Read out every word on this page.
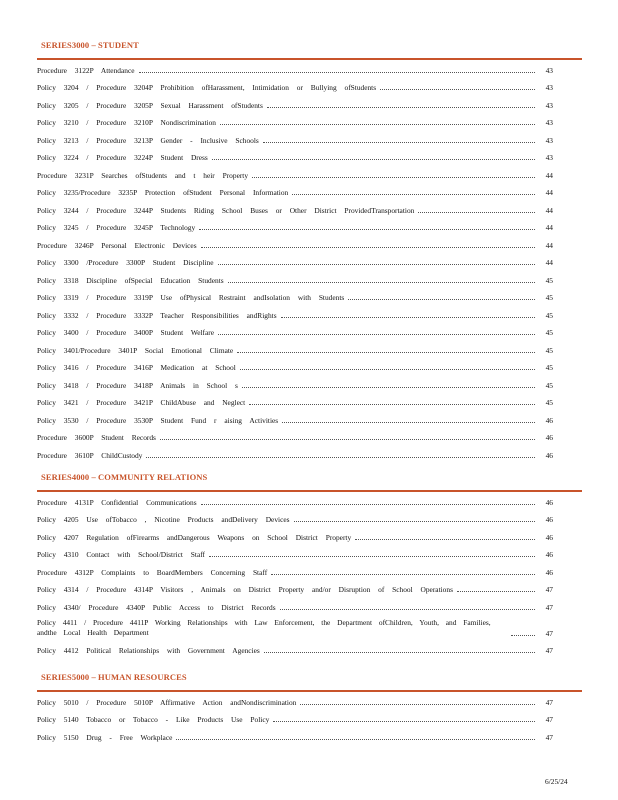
SERIES3000 – STUDENT
Procedure 3122P Attendance	43
Policy 3204 / Procedure 3204P Prohibition ofHarassment, Intimidation or Bullying ofStudents	43
Policy 3205 / Procedure 3205P Sexual Harassment ofStudents	43
Policy 3210 / Procedure 3210P Nondiscrimination	43
Policy 3213 / Procedure 3213P Gender - Inclusive Schools	43
Policy 3224 / Procedure 3224P Student Dress	43
Procedure 3231P Searches ofStudents and t heir Property	44
Policy 3235/Procedure 3235P Protection ofStudent Personal Information	44
Policy 3244 / Procedure 3244P Students Riding School Buses or Other District ProvidedTransportation	44
Policy 3245 / Procedure 3245P Technology	44
Procedure 3246P Personal Electronic Devices	44
Policy 3300 /Procedure 3300P Student Discipline	44
Policy 3318 Discipline ofSpecial Education Students	45
Policy 3319 / Procedure 3319P Use ofPhysical Restraint andIsolation with Students	45
Policy 3332 / Procedure 3332P Teacher Responsibilities andRights	45
Policy 3400 / Procedure 3400P Student Welfare	45
Policy 3401/Procedure 3401P Social Emotional Climate	45
Policy 3416 / Procedure 3416P Medication at School	45
Policy 3418 / Procedure 3418P Animals in School s	45
Policy 3421 / Procedure 3421P ChildAbuse and Neglect	45
Policy 3530 / Procedure 3530P Student Fund r aising Activities	46
Procedure 3600P Student Records	46
Procedure 3610P ChildCustody	46
SERIES4000 – COMMUNITY RELATIONS
Procedure 4131P Confidential Communications	46
Policy 4205 Use ofTobacco , Nicotine Products andDelivery Devices	46
Policy 4207 Regulation ofFirearms andDangerous Weapons on School District Property	46
Policy 4310 Contact with School/District Staff	46
Procedure 4312P Complaints to BoardMembers Concerning Staff	46
Policy 4314 / Procedure 4314P Visitors , Animals on District Property and/or Disruption of School Operations	47
Policy 4340/ Procedure 4340P Public Access to District Records	47
Policy 4411 / Procedure 4411P Working Relationships with Law Enforcement, the Department ofChildren, Youth, and Families, andthe Local Health Department	47
Policy 4412 Political Relationships with Government Agencies	47
SERIES5000 – HUMAN RESOURCES
Policy 5010 / Procedure 5010P Affirmative Action andNondiscrimination	47
Policy 5140 Tobacco or Tobacco - Like Products Use Policy	47
Policy 5150 Drug - Free Workplace	47
6/25/24
